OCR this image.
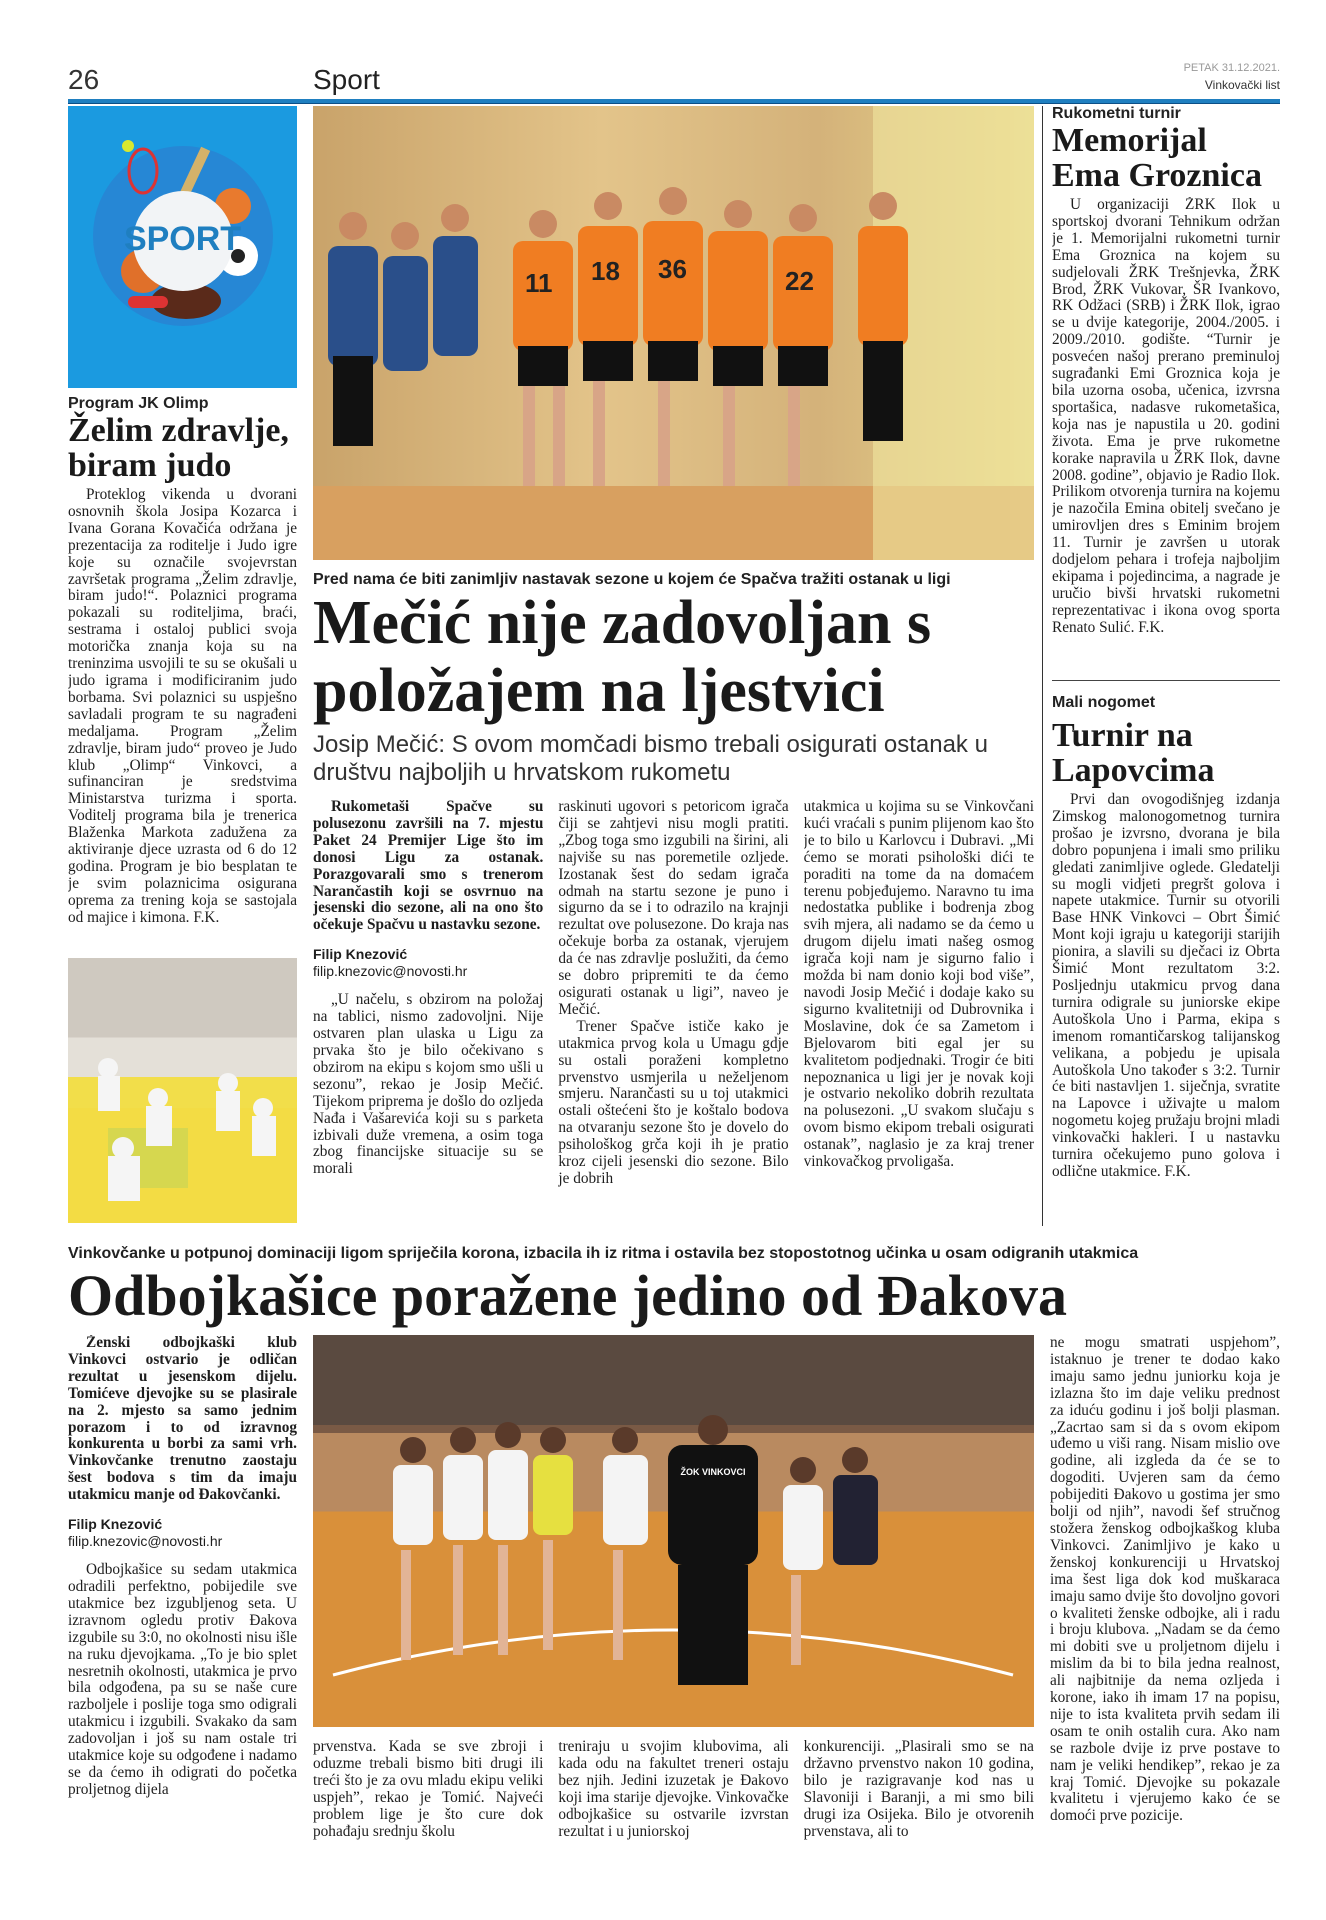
26	Sport	PETAK 31.12.2021.
Vinkovački list
SPORT
Program JK Olimp
Želim zdravlje, biram judo

Proteklog vikenda u dvorani osnovnih škola Josipa Kozarca i Ivana Gorana Kovačića održana je prezentacija za roditelje i Judo igre koje su označile svojevrstan završetak programa „Želim zdravlje, biram judo!“. Polaznici programa pokazali su roditeljima, braći, sestrama i ostaloj publici svoja motorička znanja koja su na treninzima usvojili te su se okušali u judo igrama i modificiranim judo borbama. Svi polaznici su uspješno savladali program te su nagrađeni medaljama. Program „Želim zdravlje, biram judo“ proveo je Judo klub „Olimp“ Vinkovci, a sufinanciran je sredstvima Ministarstva turizma i sporta. Voditelj programa bila je trenerica Blaženka Markota zadužena za aktiviranje djece uzrasta od 6 do 12 godina. Program je bio besplatan te je svim polaznicima osigurana oprema za trening koja se sastojala od majice i kimona. F.K.

11 18 36	22
Pred nama će biti zanimljiv nastavak sezone u kojem će Spačva tražiti ostanak u ligi
Mečić nije zadovoljan s položajem na ljestvici
Josip Mečić: S ovom momčadi bismo trebali osigurati ostanak u društvu najboljih u hrvatskom rukometu

Rukometaši Spačve su polusezonu završili na 7. mjestu Paket 24 Premijer Lige što im donosi Ligu za ostanak. Porazgovarali smo s trenerom Narančastih koji se osvrnuo na jesenski dio sezone, ali na ono što očekuje Spačvu u nastavku sezone.

Filip Knezović
filip.knezovic@novosti.hr

„U načelu, s obzirom na položaj na tablici, nismo zadovoljni. Nije ostvaren plan ulaska u Ligu za prvaka što je bilo očekivano s obzirom na ekipu s kojom smo ušli u sezonu”, rekao je Josip Mečić. Tijekom priprema je došlo do ozljeda Nađa i Vašarevića koji su s parketa izbivali duže vremena, a osim toga zbog financijske situacije su se morali

raskinuti ugovori s petoricom igrača čiji se zahtjevi nisu mogli pratiti. „Zbog toga smo izgubili na širini, ali najviše su nas poremetile ozljede. Izostanak šest do sedam igrača odmah na startu sezone je puno i sigurno da se i to odrazilo na krajnji rezultat ove polusezone. Do kraja nas očekuje borba za ostanak, vjerujem da će nas zdravlje poslužiti, da ćemo se dobro pripremiti te da ćemo osigurati ostanak u ligi”, naveo je Mečić.

Trener Spačve ističe kako je utakmica prvog kola u Umagu gdje su ostali poraženi kompletno prvenstvo usmjerila u neželjenom smjeru. Narančasti su u toj utakmici ostali oštećeni što je koštalo bodova na otvaranju sezone što je dovelo do psihološkog grča koji ih je pratio kroz cijeli jesenski dio sezone. Bilo je dobrih

utakmica u kojima su se Vinkovčani kući vraćali s punim plijenom kao što je to bilo u Karlovcu i Dubravi. „Mi ćemo se morati psihološki dići te poraditi na tome da na domaćem terenu pobjeđujemo. Naravno tu ima nedostatka publike i bodrenja zbog svih mjera, ali nadamo se da ćemo u drugom dijelu imati našeg osmog igrača koji nam je sigurno falio i možda bi nam donio koji bod više”, navodi Josip Mečić i dodaje kako su sigurno kvalitetniji od Dubrovnika i Moslavine, dok će sa Zametom i Bjelovarom biti egal jer su kvalitetom podjednaki. Trogir će biti nepoznanica u ligi jer je novak koji je ostvario nekoliko dobrih rezultata na polusezoni. „U svakom slučaju s ovom bismo ekipom trebali osigurati ostanak”, naglasio je za kraj trener vinkovačkog prvoligaša.

Rukometni turnir
Memorijal Ema Groznica

U organizaciji ŽRK Ilok u sportskoj dvorani Tehnikum održan je 1. Memorijalni rukometni turnir Ema Groznica na kojem su sudjelovali ŽRK Trešnjevka, ŽRK Brod, ŽRK Vukovar, ŠR Ivankovo, RK Odžaci (SRB) i ŽRK Ilok, igrao se u dvije kategorije, 2004./2005. i 2009./2010. godište. “Turnir je posvećen našoj prerano preminuloj sugrađanki Emi Groznica koja je bila uzorna osoba, učenica, izvrsna sportašica, nadasve rukometašica, koja nas je napustila u 20. godini života. Ema je prve rukometne korake napravila u ŽRK Ilok, davne 2008. godine”, objavio je Radio Ilok. Prilikom otvorenja turnira na kojemu je nazočila Emina obitelj svečano je umirovljen dres s Eminim brojem 11. Turnir je završen u utorak dodjelom pehara i trofeja najboljim ekipama i pojedincima, a nagrade je uručio bivši hrvatski rukometni reprezentativac i ikona ovog sporta Renato Sulić. F.K.

Mali nogomet
Turnir na Lapovcima

Prvi dan ovogodišnjeg izdanja Zimskog malonogometnog turnira prošao je izvrsno, dvorana je bila dobro popunjena i imali smo priliku gledati zanimljive oglede. Gledatelji su mogli vidjeti pregršt golova i napete utakmice. Turnir su otvorili Base HNK Vinkovci – Obrt Šimić Mont koji igraju u kategoriji starijih pionira, a slavili su dječaci iz Obrta Šimić Mont rezultatom 3:2. Posljednju utakmicu prvog dana turnira odigrale su juniorske ekipe Autoškola Uno i Parma, ekipa s imenom romantičarskog talijanskog velikana, a pobjedu je upisala Autoškola Uno također s 3:2. Turnir će biti nastavljen 1. siječnja, svratite na Lapovce i uživajte u malom nogometu kojeg pružaju brojni mladi vinkovački hakleri. I u nastavku turnira očekujemo puno golova i odlične utakmice. F.K.

Vinkovčanke u potpunoj dominaciji ligom spriječila korona, izbacila ih iz ritma i ostavila bez stopostotnog učinka u osam odigranih utakmica
Odbojkašice poražene jedino od Đakova

Ženski odbojkaški klub Vinkovci ostvario je odličan rezultat u jesenskom dijelu. Tomićeve djevojke su se plasirale na 2. mjesto sa samo jednim porazom i to od izravnog konkurenta u borbi za sami vrh. Vinkovčanke trenutno zaostaju šest bodova s tim da imaju utakmicu manje od Đakovčanki.

Filip Knezović
filip.knezovic@novosti.hr

Odbojkašice su sedam utakmica odradili perfektno, pobijedile sve utakmice bez izgubljenog seta. U izravnom ogledu protiv Đakova izgubile su 3:0, no okolnosti nisu išle na ruku djevojkama. „To je bio splet nesretnih okolnosti, utakmica je prvo bila odgođena, pa su se naše cure razboljele i poslije toga smo odigrali utakmicu i izgubili. Svakako da sam zadovoljan i još su nam ostale tri utakmice koje su odgođene i nadamo se da ćemo ih odigrati do početka proljetnog dijela

ŽOK VINKOVCI

prvenstva. Kada se sve zbroji i oduzme trebali bismo biti drugi ili treći što je za ovu mladu ekipu veliki uspjeh”, rekao je Tomić. Najveći problem lige je što cure dok pohađaju srednju školu

treniraju u svojim klubovima, ali kada odu na fakultet treneri ostaju bez njih. Jedini izuzetak je Đakovo koji ima starije djevojke. Vinkovačke odbojkašice su ostvarile izvrstan rezultat i u juniorskoj

konkurenciji. „Plasirali smo se na državno prvenstvo nakon 10 godina, bilo je razigravanje kod nas u Slavoniji i Baranji, a mi smo bili drugi iza Osijeka. Bilo je otvorenih prvenstava, ali to

ne mogu smatrati uspjehom”, istaknuo je trener te dodao kako imaju samo jednu juniorku koja je izlazna što im daje veliku prednost za iduću godinu i još bolji plasman. „Zacrtao sam si da s ovom ekipom uđemo u viši rang. Nisam mislio ove godine, ali izgleda da će se to dogoditi. Uvjeren sam da ćemo pobijediti Đakovo u gostima jer smo bolji od njih”, navodi šef stručnog stožera ženskog odbojkaškog kluba Vinkovci. Zanimljivo je kako u ženskoj konkurenciji u Hrvatskoj ima šest liga dok kod muškaraca imaju samo dvije što dovoljno govori o kvaliteti ženske odbojke, ali i radu i broju klubova. „Nadam se da ćemo mi dobiti sve u proljetnom dijelu i mislim da bi to bila jedna realnost, ali najbitnije da nema ozljeda i korone, iako ih imam 17 na popisu, nije to ista kvaliteta prvih sedam ili osam te onih ostalih cura. Ako nam se razbole dvije iz prve postave to nam je veliki hendikep”, rekao je za kraj Tomić. Djevojke su pokazale kvalitetu i vjerujemo kako će se domoći prve pozicije.
